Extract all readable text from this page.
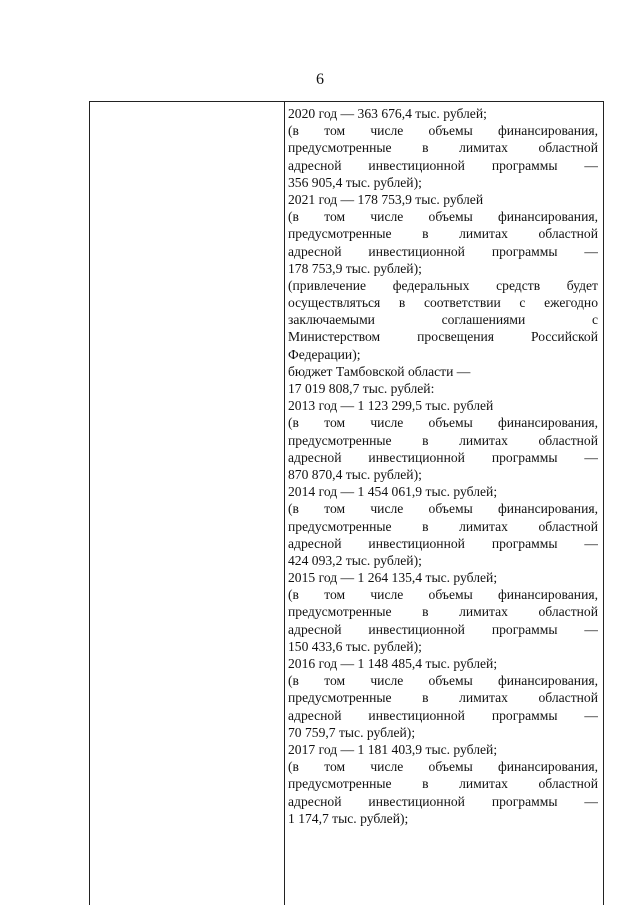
6
2020 год — 363 676,4 тыс. рублей;
(в том числе объемы финансирования,
предусмотренные в лимитах областной
адресной инвестиционной программы —
356 905,4 тыс. рублей);
2021 год — 178 753,9 тыс. рублей
(в том числе объемы финансирования,
предусмотренные в лимитах областной
адресной инвестиционной программы —
178 753,9 тыс. рублей);
(привлечение федеральных средств будет
осуществляться в соответствии с ежегодно
заключаемыми соглашениями с
Министерством просвещения Российской
Федерации);
бюджет Тамбовской области —
17 019 808,7 тыс. рублей:
2013 год — 1 123 299,5 тыс. рублей
(в том числе объемы финансирования,
предусмотренные в лимитах областной
адресной инвестиционной программы —
870 870,4 тыс. рублей);
2014 год — 1 454 061,9 тыс. рублей;
(в том числе объемы финансирования,
предусмотренные в лимитах областной
адресной инвестиционной программы —
424 093,2 тыс. рублей);
2015 год — 1 264 135,4 тыс. рублей;
(в том числе объемы финансирования,
предусмотренные в лимитах областной
адресной инвестиционной программы —
150 433,6 тыс. рублей);
2016 год — 1 148 485,4 тыс. рублей;
(в том числе объемы финансирования,
предусмотренные в лимитах областной
адресной инвестиционной программы —
70 759,7 тыс. рублей);
2017 год — 1 181 403,9 тыс. рублей;
(в том числе объемы финансирования,
предусмотренные в лимитах областной
адресной инвестиционной программы —
1 174,7 тыс. рублей);
